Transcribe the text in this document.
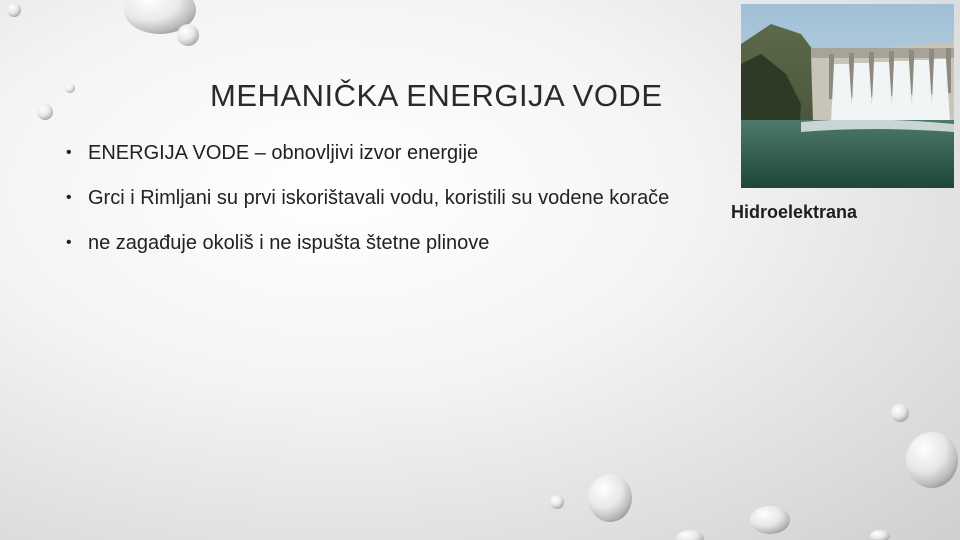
MEHANIČKA ENERGIJA VODE
• ENERGIJA VODE – obnovljivi izvor energije
• Grci i Rimljani su prvi iskorištavali vodu, koristili su vodene korače
• ne zagađuje okoliš i ne ispušta štetne plinove
Hidroelektrana
